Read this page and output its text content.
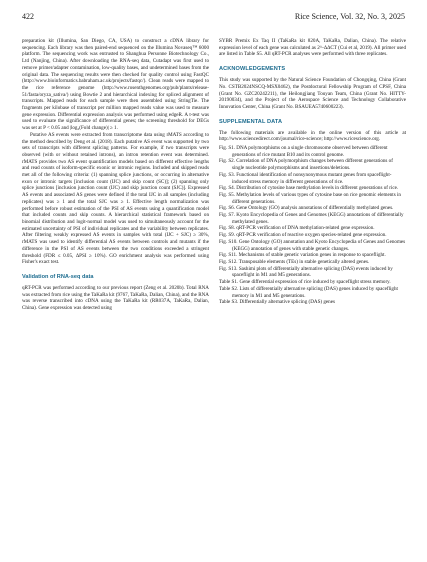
422	Rice Science, Vol. 32, No. 3, 2025

preparation kit (Illumina, San Diego, CA, USA) to construct a cDNA library for sequencing. Each library was then paired-end sequenced on the Illumina Novaseq™ 6000 platform. The sequencing work was entrusted to Shanghua Personne Biotechnology Co., Ltd (Nanjing, China). After downloading the RNA-seq data, Cutadapt was first used to remove primer/adapter contamination, low-quality bases, and undetermined bases from the original data. The sequencing results were then checked for quality control using FastQC (http://www.bioinformatics.babraham.ac.uk/projects/fastqc/). Clean reads were mapped to the rice reference genome (http://www.rosenthgenomes.org/pub/plants/release-51/fasta/oryza_sativa/) using Bowtie 2 and hierarchical indexing for spliced alignment of transcripts. Mapped reads for each sample were then assembled using StringTie. The fragments per kilobase of transcript per million mapped reads value was used to measure gene expression. Differential expression analysis was performed using edgeR. A t-test was used to evaluate the significance of differential genes; the screening threshold for DEGs was set at P < 0.05 and |log₂(Fold change)| ≥ 1.

Putative AS events were extracted from transcriptome data using rMATS according to the method described by Deng et al. (2018). Each putative AS event was supported by two sets of transcripts with different splicing patterns. For example, if two transcripts were observed (with or without retained introns), an intron retention event was determined. rMATS provides two AS event quantification models based on different effective lengths and read counts of isoform-specific exonic or intronic regions. Included and skipped reads met all of the following criteria: (1) spanning splice junctions, or occurring in alternative exon or intronic targets [inclusion count (IJC) and skip count (SC)]; (2) spanning only splice junctions [inclusion junction count (IJC) and skip junction count (SJC)]. Expressed AS events and associated AS genes were defined if the total IJC in all samples (including replicates) was ≥ 1 and the total SJC was ≥ 1. Effective length normalization was performed before robust estimation of the PSI of AS events using a quantification model that included counts and skip counts. A hierarchical statistical framework based on binomial distribution and logit-normal model was used to simultaneously account for the estimated uncertainty of PSI of individual replicates and the variability between replicates. After filtering weakly expressed AS events in samples with total (IJC + SJC) ≥ 30%, rMATS was used to identify differential AS events between controls and mutants if the difference in the PSI of AS events between the two conditions exceeded a stringent threshold (FDR ≤ 0.05, ΔPSI ≥ 10%). GO enrichment analysis was performed using Fisher's exact test.

Validation of RNA-seq data

qRT-PCR was performed according to our previous report (Zeng et al. 2020b). Total RNA was extracted from rice using the TaKaRa kit (9767, TaKaRa, Dalian, China), and the RNA was reverse transcribed into cDNA using the TaKaRa kit (RR037A, TaKaRa, Dalian, China). Gene expression was detected using

SYBR Premix Ex Taq II (TaKaRa kit 820A, TaKaRa, Dalian, China). The relative expression level of each gene was calculated as 2^-ΔΔCT (Cui et al, 2019). All primer used are listed in Table S5. All qRT-PCR analyses were performed with three replicates.

ACKNOWLEDGEMENTS

This study was supported by the Natural Science Foundation of Chongqing, China (Grant No. CSTB2024NSCQ-MSX0462), the Postdoctoral Fellowship Program of CPSF, China (Grant No. GZC20242211), the Heilongjiang Touyan Team, China (Grant No. HITTY-20190034), and the Project of the Aerospace Science and Technology Collaborative Innovation Center, China (Grant No. BSAUEA5740600223).

SUPPLEMENTAL DATA

The following materials are available in the online version of this article at http://www.sciencedirect.com/journal/rice-science; http://www.ricescience.org.

Fig. S1. DNA polymorphisms on a single chromosome observed between different generations of rice mutant B10 and its control genome.

Fig. S2. Correlation of DNA polymorphism changes between different generations of single nucleotide polymorphisms and insertions/deletions.

Fig. S3. Functional identification of nonsynonymous mutant genes from spaceflight-induced stress memory in different generations of rice.

Fig. S4. Distribution of cytosine base methylation levels in different generations of rice.

Fig. S5. Methylation levels of various types of cytosine base on rice genomic elements in different generations.

Fig. S6. Gene Ontology (GO) analysis annotations of differentially methylated genes.

Fig. S7. Kyoto Encyclopedia of Genes and Genomes (KEGG) annotations of differentially methylated genes.

Fig. S8. qRT-PCR verification of DNA methylation-related gene expression.

Fig. S9. qRT-PCR verification of reactive oxygen species-related gene expression.

Fig. S10. Gene Ontology (GO) annotation and Kyoto Encyclopedia of Genes and Genomes (KEGG) annotation of genes with stable genetic changes.

Fig. S11. Mechanisms of stable genetic variation genes in response to spaceflight.

Fig. S12. Transposable elements (TEs) in stable genetically altered genes.

Fig. S13. Sashimi plots of differentially alternative splicing (DAS) events induced by spaceflight in M1 and M5 generations.

Table S1. Gene differential expression of rice induced by spaceflight stress memory.

Table S2. Lists of differentially alternative splicing (DAS) genes induced by spaceflight memory in M1 and M5 generations.

Table S3. Differentially alternative splicing (DAS) genes
